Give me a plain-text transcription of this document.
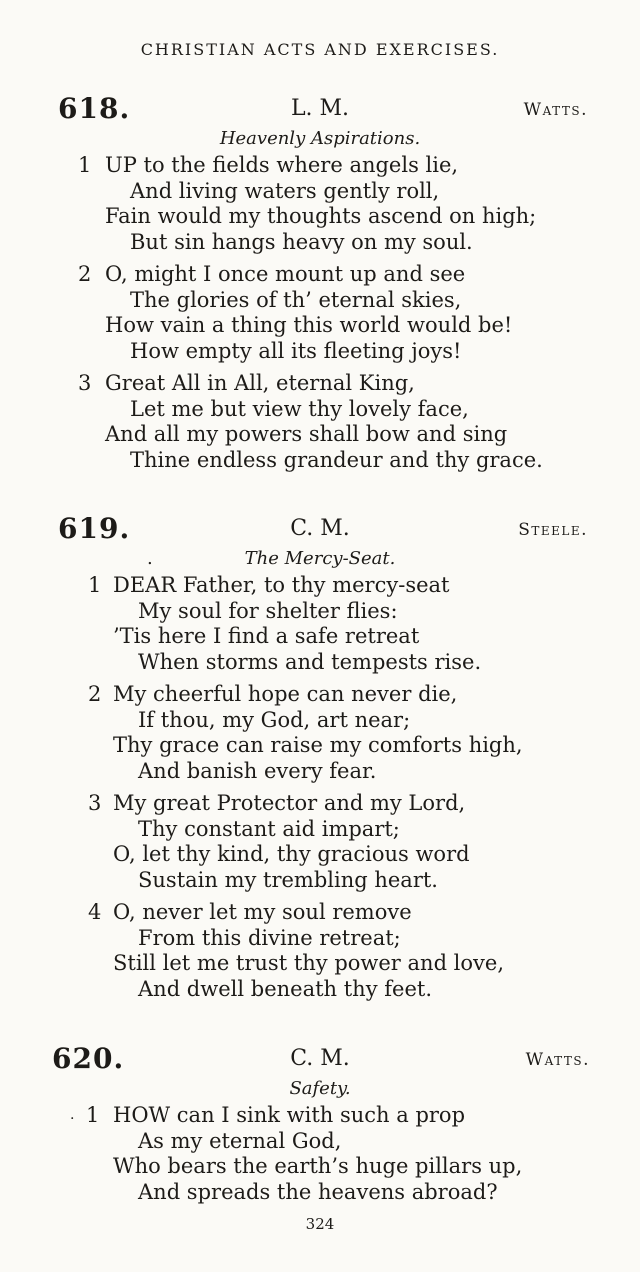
CHRISTIAN ACTS AND EXERCISES.
618.	L. M.	Watts.
Heavenly Aspirations.
1 UP to the fields where angels lie,
And living waters gently roll,
Fain would my thoughts ascend on high;
But sin hangs heavy on my soul.
2 O, might I once mount up and see
The glories of th’ eternal skies,
How vain a thing this world would be!
How empty all its fleeting joys!
3 Great All in All, eternal King,
Let me but view thy lovely face,
And all my powers shall bow and sing
Thine endless grandeur and thy grace.
619.	C. M.	Steele.
.	The Mercy-Seat.
1 DEAR Father, to thy mercy-seat
My soul for shelter flies:
’Tis here I find a safe retreat
When storms and tempests rise.
2 My cheerful hope can never die,
If thou, my God, art near;
Thy grace can raise my comforts high,
And banish every fear.
3 My great Protector and my Lord,
Thy constant aid impart;
O, let thy kind, thy gracious word
Sustain my trembling heart.
4 O, never let my soul remove
From this divine retreat;
Still let me trust thy power and love,
And dwell beneath thy feet.
620.	C. M.	Watts.
Safety.
. 1 HOW can I sink with such a prop
As my eternal God,
Who bears the earth’s huge pillars up,
And spreads the heavens abroad?
324
